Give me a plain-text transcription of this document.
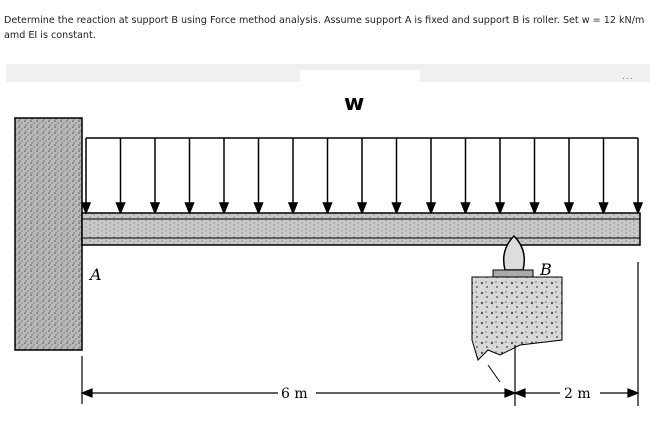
Determine the reaction at support B using Force method analysis. Assume support A is fixed and support B is roller. Set w = 12 kN/m amd EI is constant.
...
A	B
6 m	2 m
w
